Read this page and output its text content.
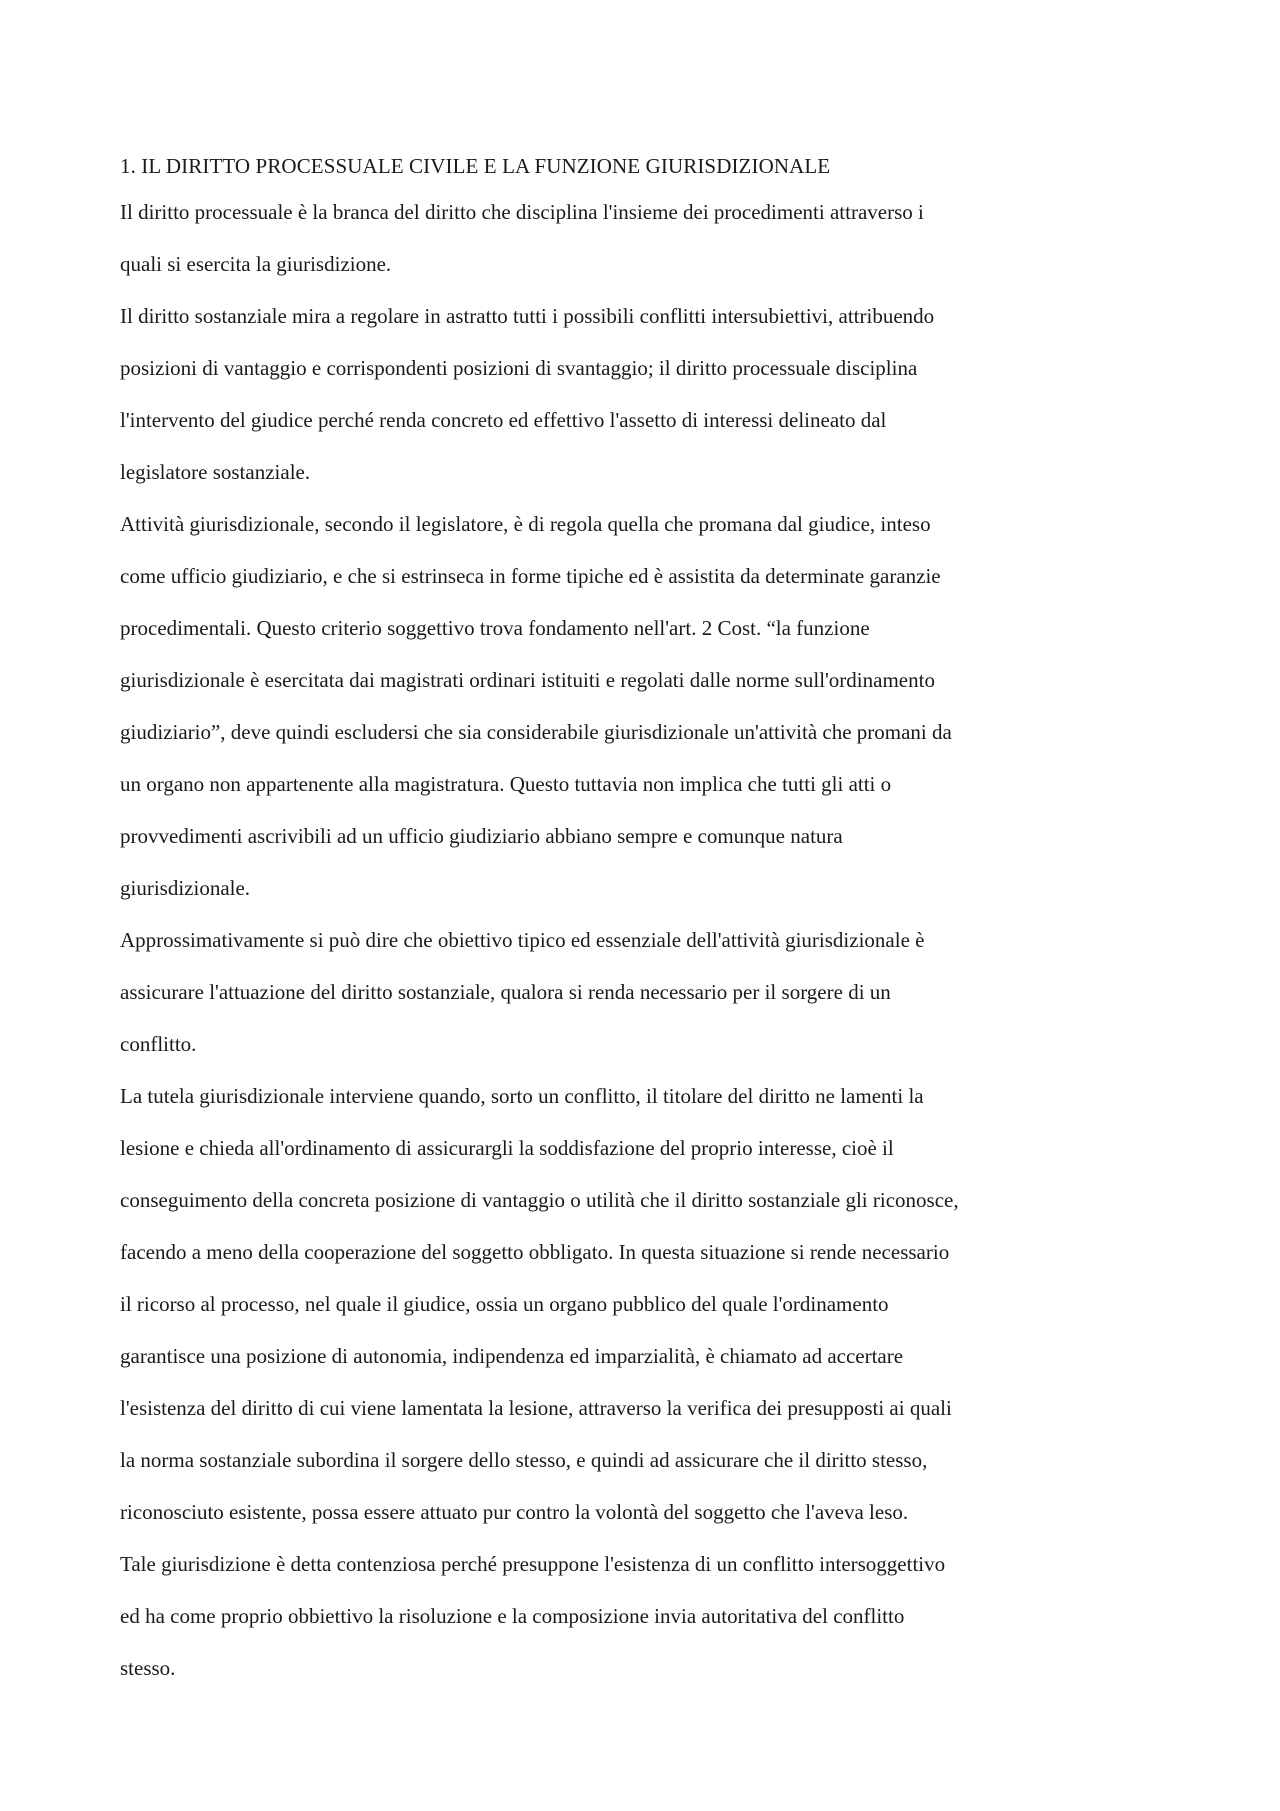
1. IL DIRITTO PROCESSUALE CIVILE E LA FUNZIONE GIURISDIZIONALE

Il diritto processuale è la branca del diritto che disciplina l'insieme dei procedimenti attraverso i
quali si esercita la giurisdizione.

Il diritto sostanziale mira a regolare in astratto tutti i possibili conflitti intersubiettivi, attribuendo
posizioni di vantaggio e corrispondenti posizioni di svantaggio; il diritto processuale disciplina
l'intervento del giudice perché renda concreto ed effettivo l'assetto di interessi delineato dal
legislatore sostanziale.

Attività giurisdizionale, secondo il legislatore, è di regola quella che promana dal giudice, inteso
come ufficio giudiziario, e che si estrinseca in forme tipiche ed è assistita da determinate garanzie
procedimentali. Questo criterio soggettivo trova fondamento nell'art. 2 Cost. “la funzione
giurisdizionale è esercitata dai magistrati ordinari istituiti e regolati dalle norme sull'ordinamento
giudiziario”, deve quindi escludersi che sia considerabile giurisdizionale un'attività che promani da
un organo non appartenente alla magistratura. Questo tuttavia non implica che tutti gli atti o
provvedimenti ascrivibili ad un ufficio giudiziario abbiano sempre e comunque natura
giurisdizionale.

Approssimativamente si può dire che obiettivo tipico ed essenziale dell'attività giurisdizionale è
assicurare l'attuazione del diritto sostanziale, qualora si renda necessario per il sorgere di un
conflitto.

La tutela giurisdizionale interviene quando, sorto un conflitto, il titolare del diritto ne lamenti la
lesione e chieda all'ordinamento di assicurargli la soddisfazione del proprio interesse, cioè il
conseguimento della concreta posizione di vantaggio o utilità che il diritto sostanziale gli riconosce,
facendo a meno della cooperazione del soggetto obbligato. In questa situazione si rende necessario
il ricorso al processo, nel quale il giudice, ossia un organo pubblico del quale l'ordinamento
garantisce una posizione di autonomia, indipendenza ed imparzialità, è chiamato ad accertare
l'esistenza del diritto di cui viene lamentata la lesione, attraverso la verifica dei presupposti ai quali
la norma sostanziale subordina il sorgere dello stesso, e quindi ad assicurare che il diritto stesso,
riconosciuto esistente, possa essere attuato pur contro la volontà del soggetto che l'aveva leso.

Tale giurisdizione è detta contenziosa perché presuppone l'esistenza di un conflitto intersoggettivo
ed ha come proprio obbiettivo la risoluzione e la composizione invia autoritativa del conflitto
stesso.
